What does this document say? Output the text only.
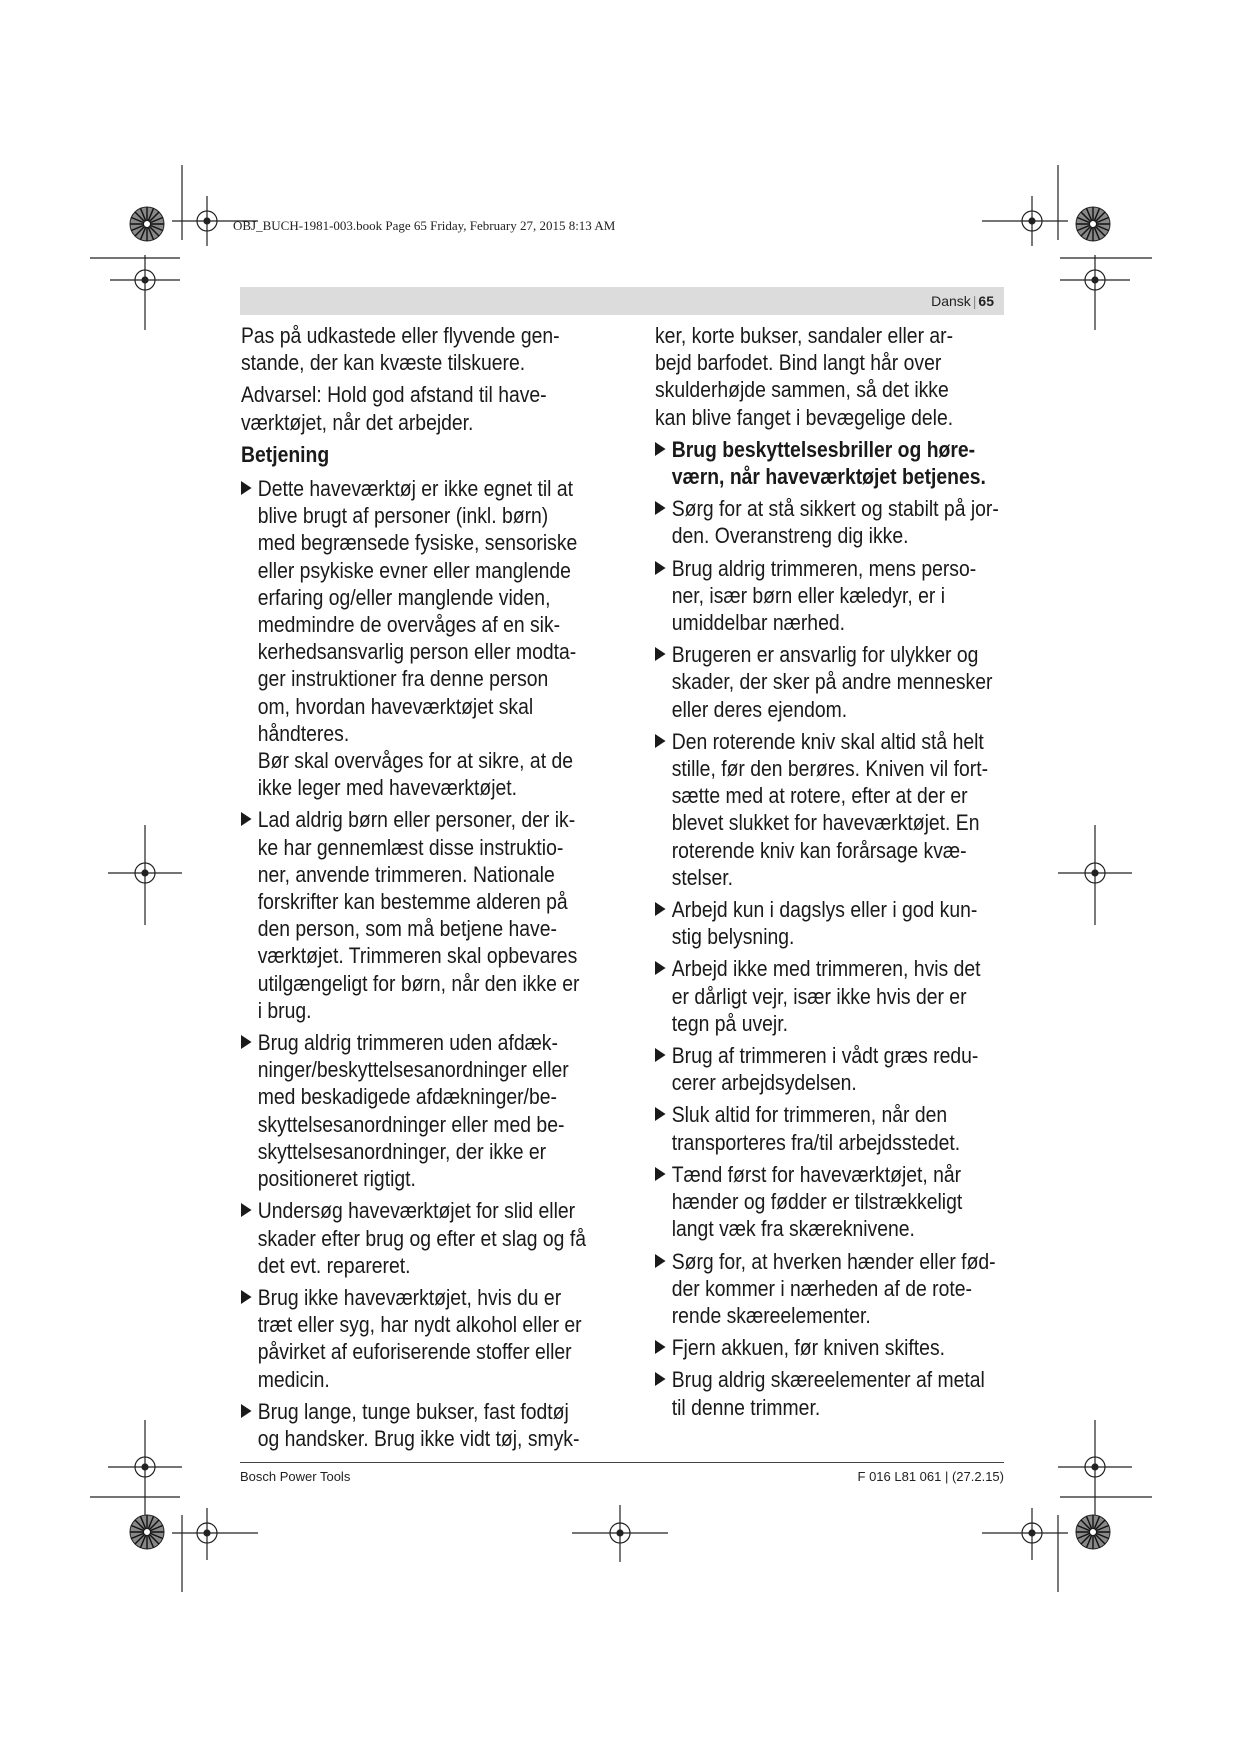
OBJ_BUCH-1981-003.book Page 65 Friday, February 27, 2015 8:13 AM
Dansk | 65
Pas på udkastede eller flyvende gen-
stande, der kan kvæste tilskuere.
Advarsel: Hold god afstand til have-
værktøjet, når det arbejder.
Betjening
Dette haveværktøj er ikke egnet til at
blive brugt af personer (inkl. børn)
med begrænsede fysiske, sensoriske
eller psykiske evner eller manglende
erfaring og/eller manglende viden,
medmindre de overvåges af en sik-
kerhedsansvarlig person eller modta-
ger instruktioner fra denne person
om, hvordan haveværktøjet skal
håndteres.
Bør skal overvåges for at sikre, at de
ikke leger med haveværktøjet.
Lad aldrig børn eller personer, der ik-
ke har gennemlæst disse instruktio-
ner, anvende trimmeren. Nationale
forskrifter kan bestemme alderen på
den person, som må betjene have-
værktøjet. Trimmeren skal opbevares
utilgængeligt for børn, når den ikke er
i brug.
Brug aldrig trimmeren uden afdæk-
ninger/beskyttelsesanordninger eller
med beskadigede afdækninger/be-
skyttelsesanordninger eller med be-
skyttelsesanordninger, der ikke er
positioneret rigtigt.
Undersøg haveværktøjet for slid eller
skader efter brug og efter et slag og få
det evt. repareret.
Brug ikke haveværktøjet, hvis du er
træt eller syg, har nydt alkohol eller er
påvirket af euforiserende stoffer eller
medicin.
Brug lange, tunge bukser, fast fodtøj
og handsker. Brug ikke vidt tøj, smyk-
ker, korte bukser, sandaler eller ar-
bejd barfodet. Bind langt hår over
skulderhøjde sammen, så det ikke
kan blive fanget i bevægelige dele.
Brug beskyttelsesbriller og høre-
værn, når haveværktøjet betjenes.
Sørg for at stå sikkert og stabilt på jor-
den. Overanstreng dig ikke.
Brug aldrig trimmeren, mens perso-
ner, især børn eller kæledyr, er i
umiddelbar nærhed.
Brugeren er ansvarlig for ulykker og
skader, der sker på andre mennesker
eller deres ejendom.
Den roterende kniv skal altid stå helt
stille, før den berøres. Kniven vil fort-
sætte med at rotere, efter at der er
blevet slukket for haveværktøjet. En
roterende kniv kan forårsage kvæ-
stelser.
Arbejd kun i dagslys eller i god kun-
stig belysning.
Arbejd ikke med trimmeren, hvis det
er dårligt vejr, især ikke hvis der er
tegn på uvejr.
Brug af trimmeren i vådt græs redu-
cerer arbejdsydelsen.
Sluk altid for trimmeren, når den
transporteres fra/til arbejdsstedet.
Tænd først for haveværktøjet, når
hænder og fødder er tilstrækkeligt
langt væk fra skæreknivene.
Sørg for, at hverken hænder eller fød-
der kommer i nærheden af de rote-
rende skæreelementer.
Fjern akkuen, før kniven skiftes.
Brug aldrig skæreelementer af metal
til denne trimmer.
Bosch Power Tools	F 016 L81 061 | (27.2.15)
